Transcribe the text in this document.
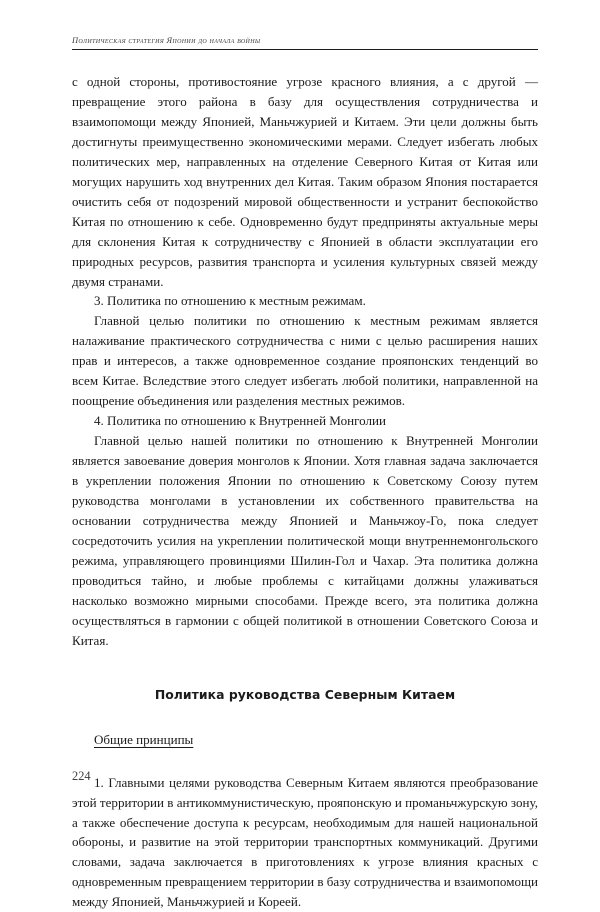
Политическая стратегия Японии до начала войны

с одной стороны, противостояние угрозе красного влияния, а с другой — превращение этого района в базу для осуществления сотрудничества и взаимопомощи между Японией, Маньчжурией и Китаем. Эти цели должны быть достигнуты преимущественно экономическими мерами. Следует избегать любых политических мер, направленных на отделение Северного Китая от Китая или могущих нарушить ход внутренних дел Китая. Таким образом Япония постарается очистить себя от подозрений мировой общественности и устранит беспокойство Китая по отношению к себе. Одновременно будут предприняты актуальные меры для склонения Китая к сотрудничеству с Японией в области эксплуатации его природных ресурсов, развития транспорта и усиления культурных связей между двумя странами.

3. Политика по отношению к местным режимам.

Главной целью политики по отношению к местным режимам является налаживание практического сотрудничества с ними с целью расширения наших прав и интересов, а также одновременное создание прояпонских тенденций во всем Китае. Вследствие этого следует избегать любой политики, направленной на поощрение объединения или разделения местных режимов.

4. Политика по отношению к Внутренней Монголии

Главной целью нашей политики по отношению к Внутренней Монголии является завоевание доверия монголов к Японии. Хотя главная задача заключается в укреплении положения Японии по отношению к Советскому Союзу путем руководства монголами в установлении их собственного правительства на основании сотрудничества между Японией и Маньчжоу-Го, пока следует сосредоточить усилия на укреплении политической мощи внутреннемонгольского режима, управляющего провинциями Шилин-Гол и Чахар. Эта политика должна проводиться тайно, и любые проблемы с китайцами должны улаживаться насколько возможно мирными способами. Прежде всего, эта политика должна осуществляться в гармонии с общей политикой в отношении Советского Союза и Китая.

Политика руководства Северным Китаем

Общие принципы

1. Главными целями руководства Северным Китаем являются преобразование этой территории в антикоммунистическую, прояпонскую и проманьчжурскую зону, а также обеспечение доступа к ресурсам, необходимым для нашей национальной обороны, и развитие на этой территории транспортных коммуникаций. Другими словами, задача заключается в приготовлениях к угрозе влияния красных с одновременным превращением территории в базу сотрудничества и взаимопомощи между Японией, Маньчжурией и Кореей.

224
